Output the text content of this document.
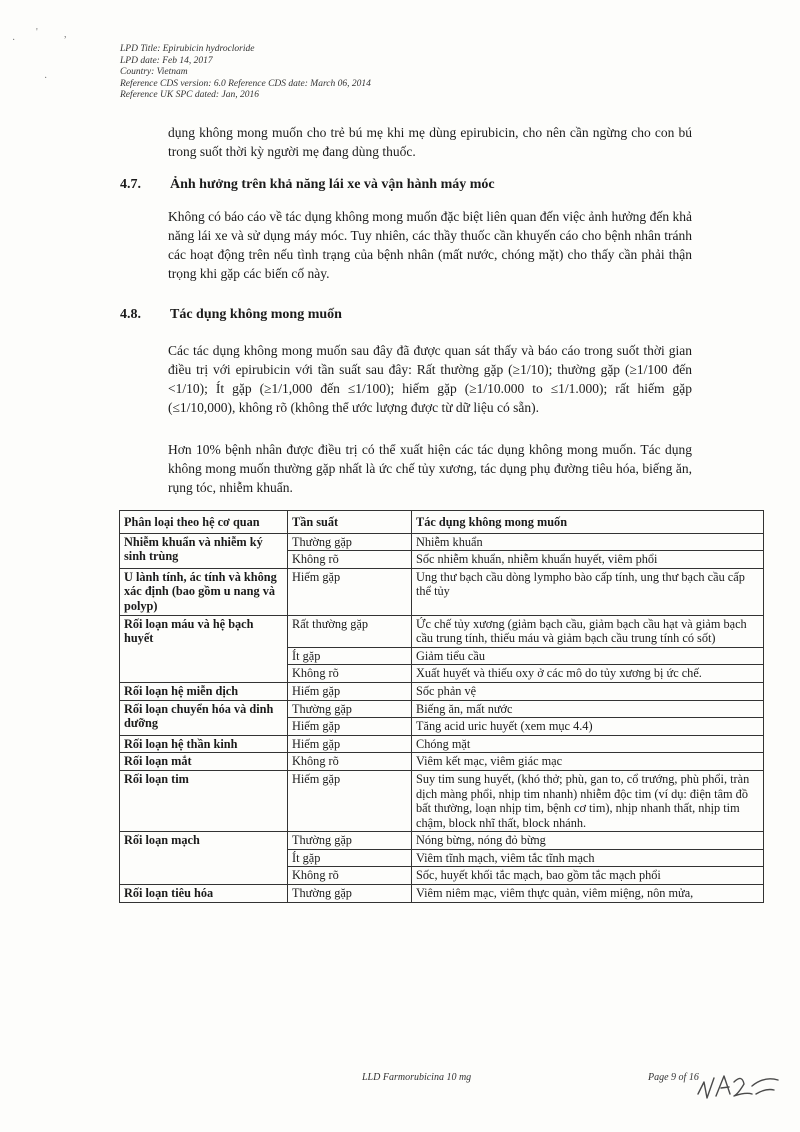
·
'
·
,
LPD Title: Epirubicin hydrocloride
LPD date: Feb 14, 2017
Country: Vietnam
Reference CDS version: 6.0 Reference CDS date: March 06, 2014
Reference UK SPC dated: Jan, 2016
dụng không mong muốn cho trẻ bú mẹ khi mẹ dùng epirubicin, cho nên cần ngừng cho con bú trong suốt thời kỳ người mẹ đang dùng thuốc.
4.7. Ảnh hưởng trên khả năng lái xe và vận hành máy móc
Không có báo cáo về tác dụng không mong muốn đặc biệt liên quan đến việc ảnh hưởng đến khả năng lái xe và sử dụng máy móc. Tuy nhiên, các thầy thuốc cần khuyến cáo cho bệnh nhân tránh các hoạt động trên nếu tình trạng của bệnh nhân (mất nước, chóng mặt) cho thấy cần phải thận trọng khi gặp các biến cố này.
4.8. Tác dụng không mong muốn
Các tác dụng không mong muốn sau đây đã được quan sát thấy và báo cáo trong suốt thời gian điều trị với epirubicin với tần suất sau đây: Rất thường gặp (≥1/10); thường gặp (≥1/100 đến <1/10); Ít gặp (≥1/1,000 đến ≤1/100); hiếm gặp (≥1/10.000 to ≤1/1.000); rất hiếm gặp (≤1/10,000), không rõ (không thể ước lượng được từ dữ liệu có sẵn).
Hơn 10% bệnh nhân được điều trị có thể xuất hiện các tác dụng không mong muốn. Tác dụng không mong muốn thường gặp nhất là ức chế tủy xương, tác dụng phụ đường tiêu hóa, biếng ăn, rụng tóc, nhiễm khuẩn.
Phân loại theo hệ cơ quan	Tần suất	Tác dụng không mong muốn
Nhiễm khuẩn và nhiễm ký sinh trùng	Thường gặp	Nhiễm khuẩn
	Không rõ	Sốc nhiễm khuẩn, nhiễm khuẩn huyết, viêm phổi
U lành tính, ác tính và không xác định (bao gồm u nang và polyp)	Hiếm gặp	Ung thư bạch cầu dòng lympho bào cấp tính, ung thư bạch cầu cấp thể tủy
Rối loạn máu và hệ bạch huyết	Rất thường gặp	Ức chế tủy xương (giảm bạch cầu, giảm bạch cầu hạt và giảm bạch cầu trung tính, thiếu máu và giảm bạch cầu trung tính có sốt)
	Ít gặp	Giảm tiểu cầu
	Không rõ	Xuất huyết và thiếu oxy ở các mô do tủy xương bị ức chế.
Rối loạn hệ miễn dịch	Hiếm gặp	Sốc phản vệ
Rối loạn chuyển hóa và dinh dưỡng	Thường gặp	Biếng ăn, mất nước
	Hiếm gặp	Tăng acid uric huyết (xem mục 4.4)
Rối loạn hệ thần kinh	Hiếm gặp	Chóng mặt
Rối loạn mắt	Không rõ	Viêm kết mạc, viêm giác mạc
Rối loạn tim	Hiếm gặp	Suy tim sung huyết, (khó thở; phù, gan to, cổ trướng, phù phổi, tràn dịch màng phổi, nhịp tim nhanh) nhiễm độc tim (ví dụ: điện tâm đồ bất thường, loạn nhịp tim, bệnh cơ tim), nhịp nhanh thất, nhịp tim chậm, block nhĩ thất, block nhánh.
Rối loạn mạch	Thường gặp	Nóng bừng, nóng đỏ bừng
	Ít gặp	Viêm tĩnh mạch, viêm tắc tĩnh mạch
	Không rõ	Sốc, huyết khối tắc mạch, bao gồm tắc mạch phổi
Rối loạn tiêu hóa	Thường gặp	Viêm niêm mạc, viêm thực quản, viêm miệng, nôn mửa,
LLD Farmorubicina 10 mg	Page 9 of 16
